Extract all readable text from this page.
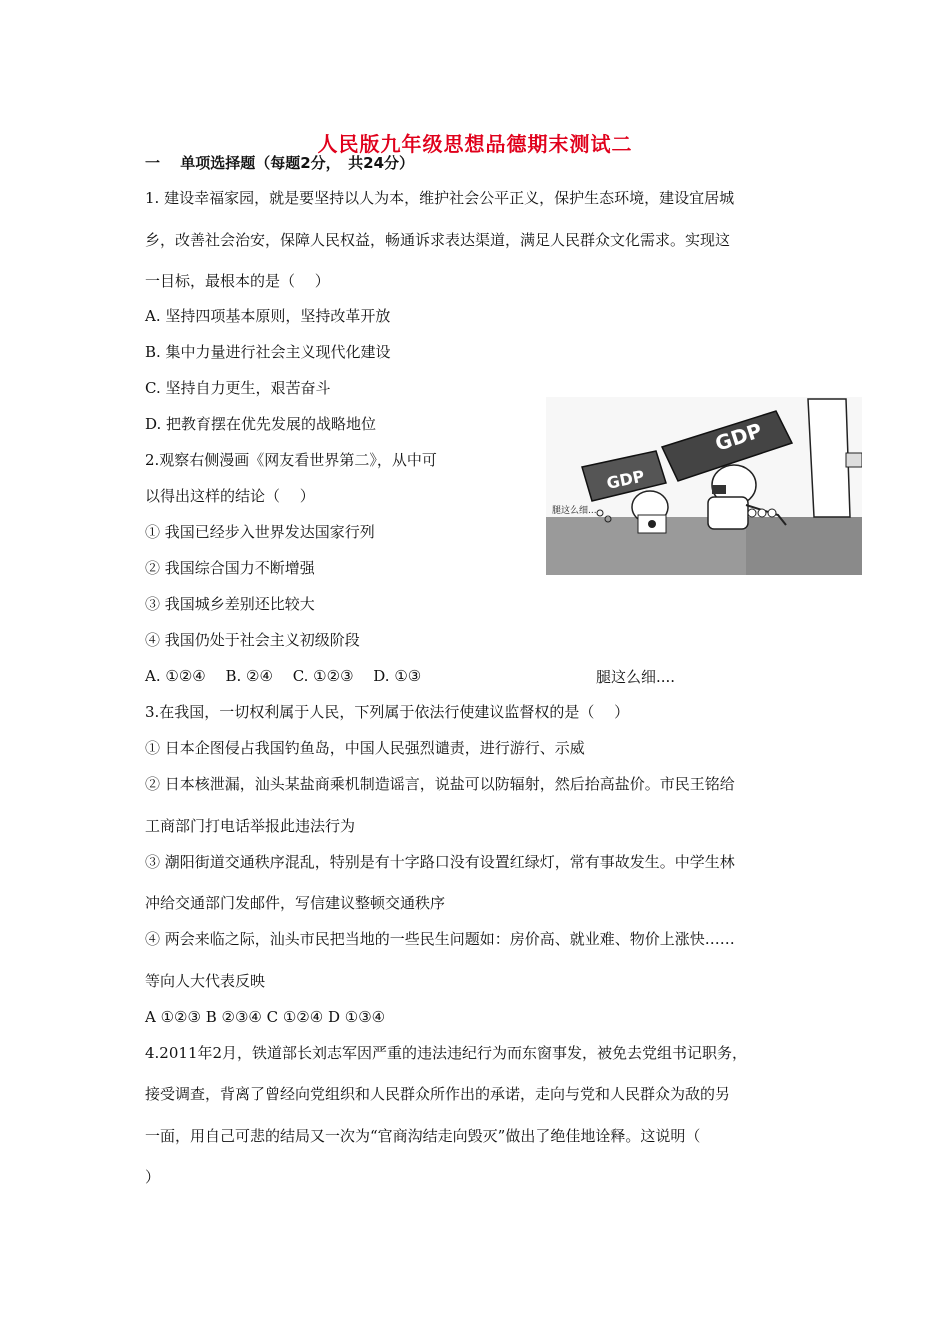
人民版九年级思想品德期末测试二
一　 单项选择题（每题2分，　共24分）
1. 建设幸福家园，就是要坚持以人为本，维护社会公平正义，保护生态环境，建设宜居城
乡，改善社会治安，保障人民权益，畅通诉求表达渠道，满足人民群众文化需求。实现这
一目标，最根本的是（　 ）
A. 坚持四项基本原则，坚持改革开放
B. 集中力量进行社会主义现代化建设
C. 坚持自力更生，艰苦奋斗
D. 把教育摆在优先发展的战略地位
2.观察右侧漫画《网友看世界第二》，从中可
以得出这样的结论（　 ）
① 我国已经步入世界发达国家行列
② 我国综合国力不断增强
③ 我国城乡差别还比较大
④ 我国仍处于社会主义初级阶段
A. ①②④　 B. ②④　 C. ①②③　 D. ①③
3.在我国，一切权利属于人民，下列属于依法行使建议监督权的是（　 ）
① 日本企图侵占我国钓鱼岛，中国人民强烈谴责，进行游行、示威
② 日本核泄漏，汕头某盐商乘机制造谣言，说盐可以防辐射，然后抬高盐价。市民王铭给
工商部门打电话举报此违法行为
③ 潮阳街道交通秩序混乱，特别是有十字路口没有设置红绿灯，常有事故发生。中学生林
冲给交通部门发邮件，写信建议整顿交通秩序
④ 两会来临之际，汕头市民把当地的一些民生问题如：房价高、就业难、物价上涨快……
等向人大代表反映
A ①②③ B ②③④ C ①②④ D ①③④
4.2011年2月，铁道部长刘志军因严重的违法违纪行为而东窗事发，被免去党组书记职务，
接受调查，背离了曾经向党组织和人民群众所作出的承诺，走向与党和人民群众为敌的另
一面，用自己可悲的结局又一次为“官商沟结走向毁灭”做出了绝佳地诠释。这说明（
）
GDP
GDP
腿这么细...
腿这么细....
